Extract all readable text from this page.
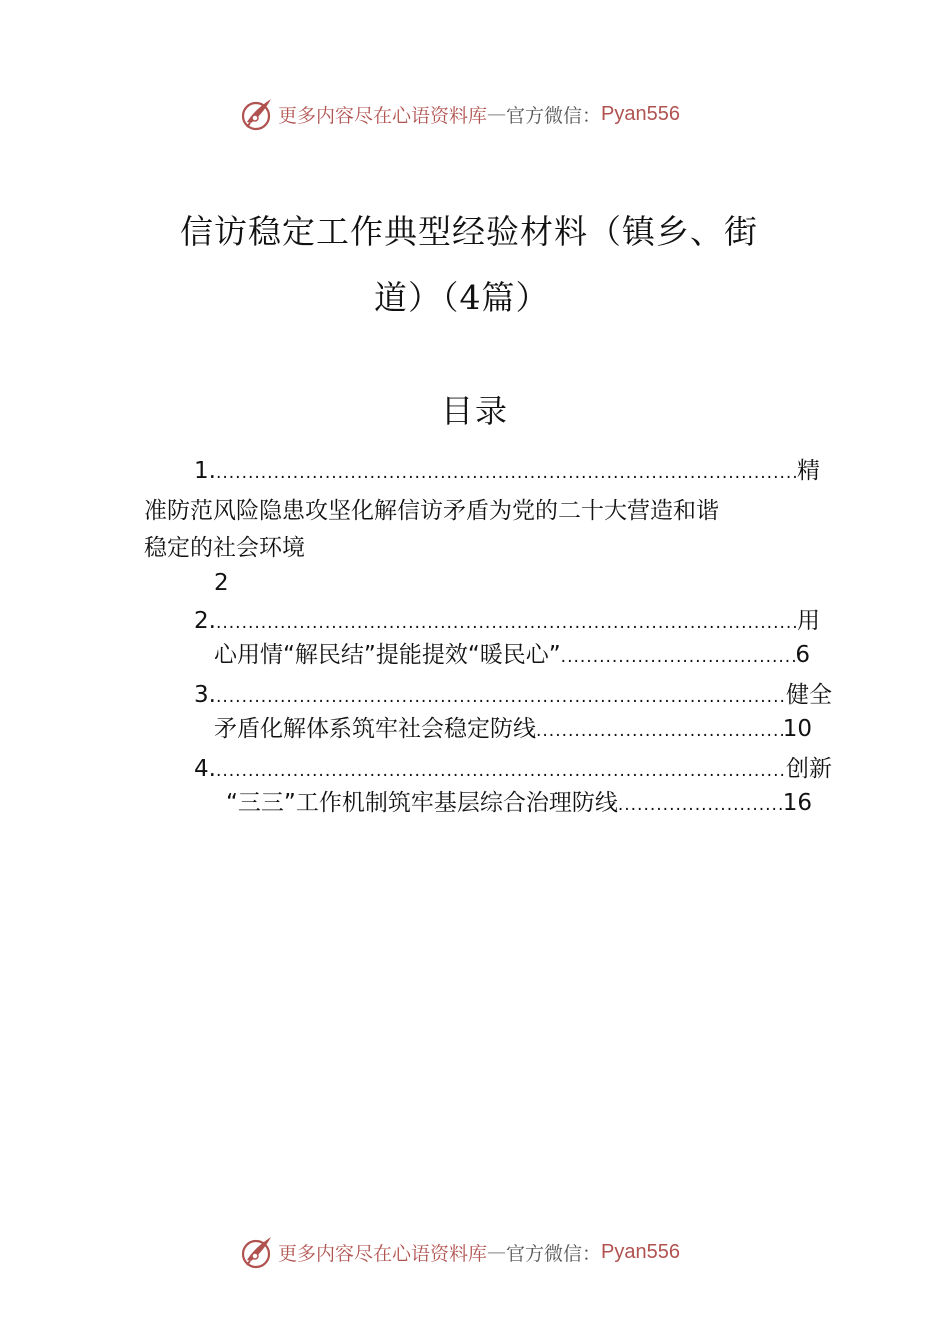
更多内容尽在心语资料库 — 官方微信： Pyan556
信访稳定工作典型经验材料（镇乡、街
道）（4篇）
目录
1. .....	精
准防范风险隐患攻坚化解信访矛盾为党的二十大营造和谐
稳定的社会环境
2
2. .....	用
心用情“解民结”提能提效“暖民心” .....	6
3. .....	健全
矛盾化解体系筑牢社会稳定防线 .....	10
4. .....	创新
“三三”工作机制筑牢基层综合治理防线 .....	16
更多内容尽在心语资料库 — 官方微信： Pyan556
